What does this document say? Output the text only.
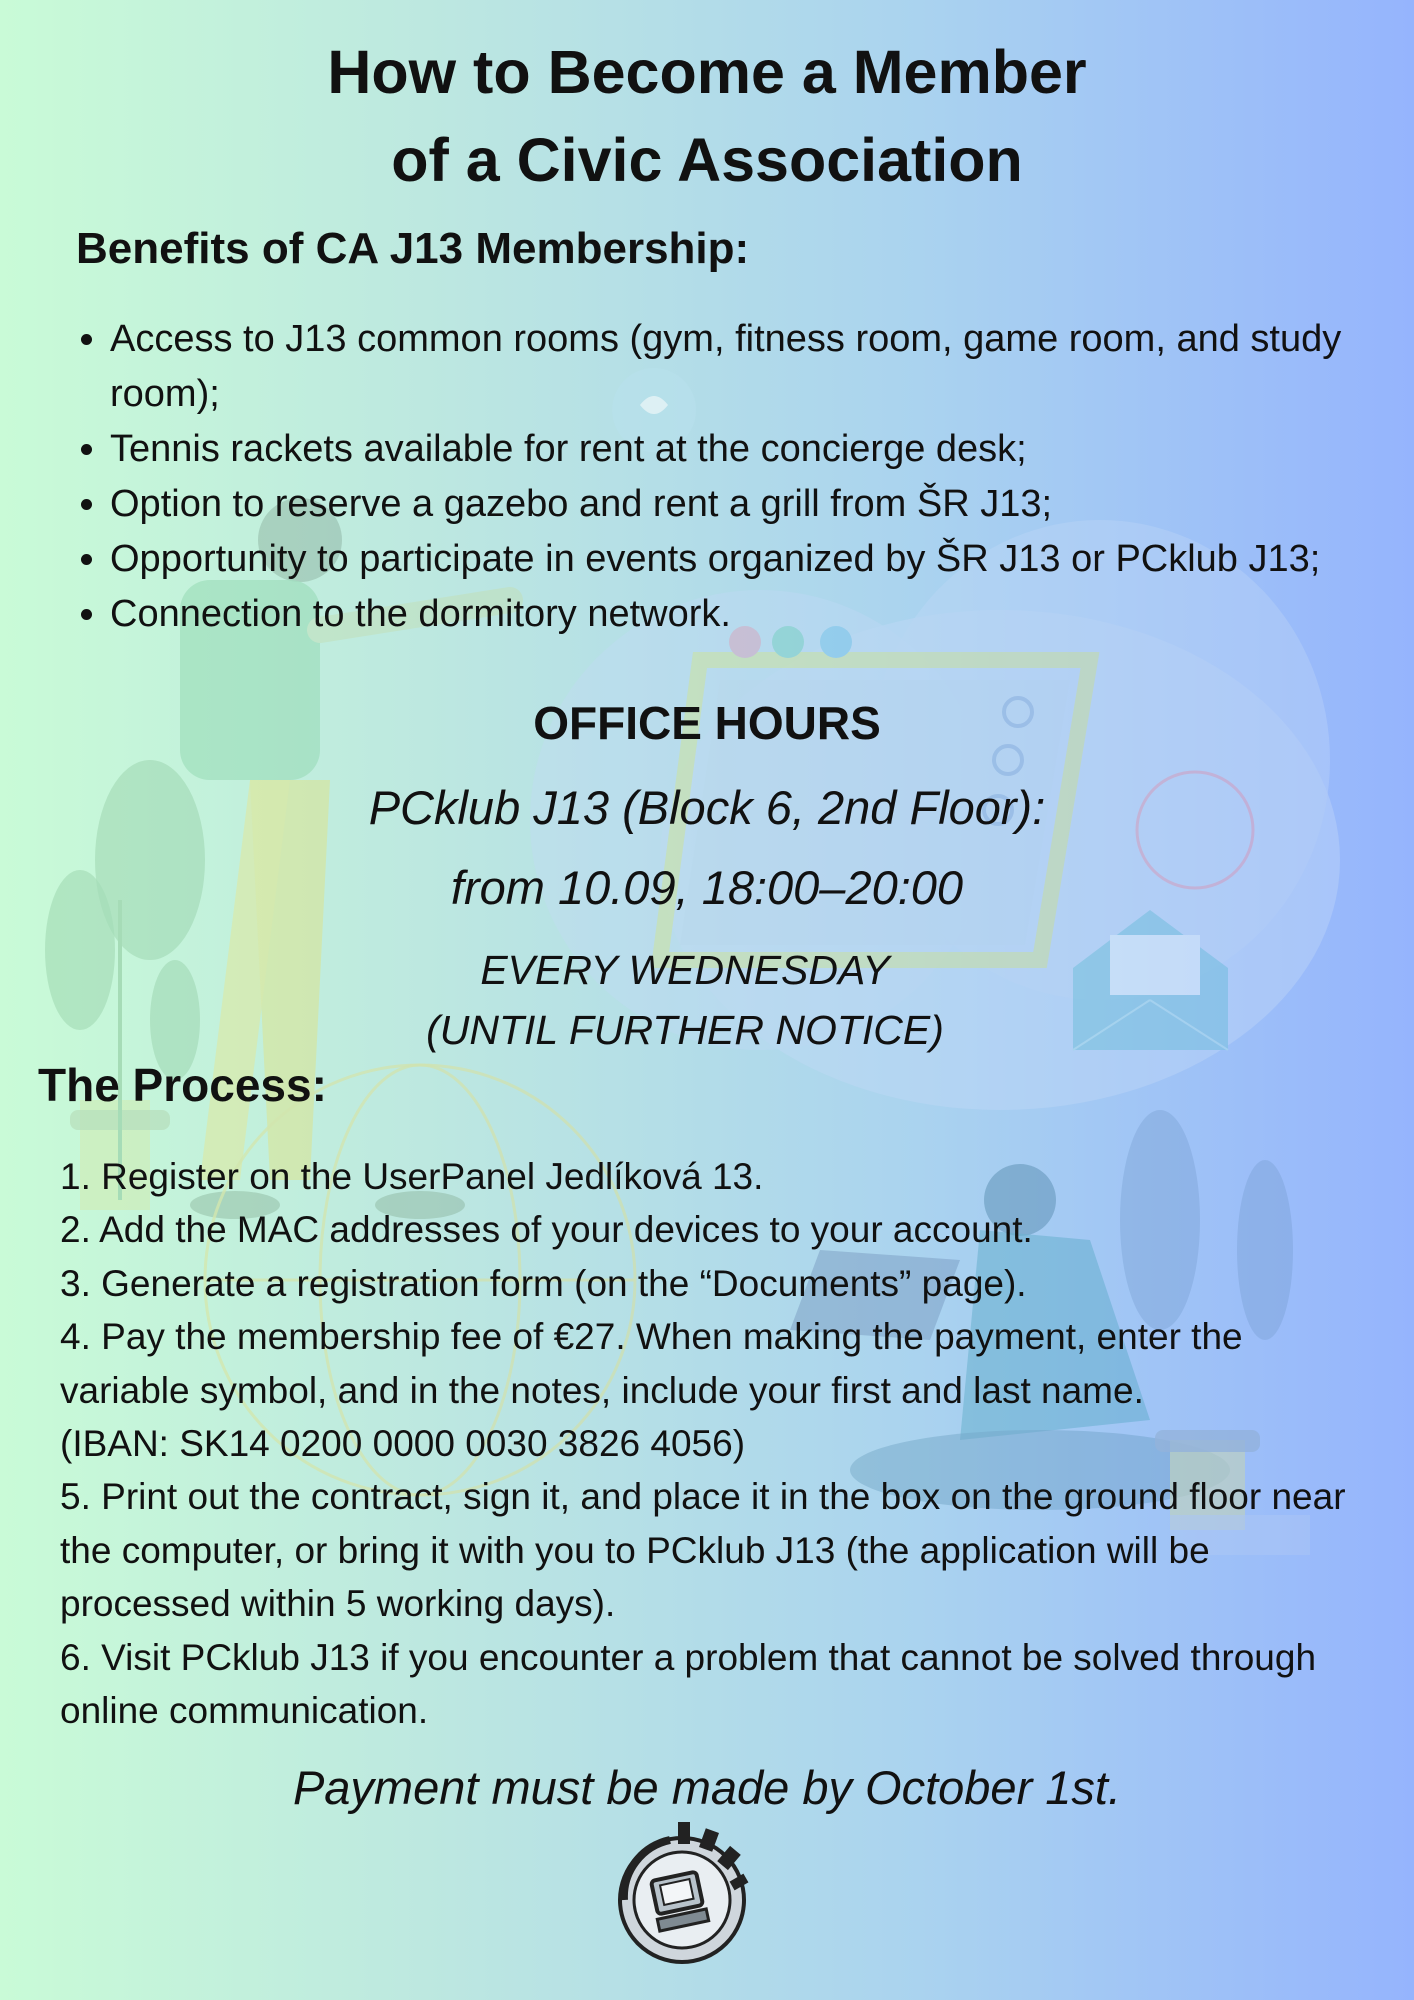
How to Become a Member
of a Civic Association
Benefits of CA J13 Membership:
• Access to J13 common rooms (gym, fitness room, game room, and study room);
• Tennis rackets available for rent at the concierge desk;
• Option to reserve a gazebo and rent a grill from ŠR J13;
• Opportunity to participate in events organized by ŠR J13 or PCklub J13;
• Connection to the dormitory network.
OFFICE HOURS
PCklub J13 (Block 6, 2nd Floor):
from 10.09, 18:00–20:00
EVERY WEDNESDAY
(UNTIL FURTHER NOTICE)
The Process:
1. Register on the UserPanel Jedlíková 13.
2. Add the MAC addresses of your devices to your account.
3. Generate a registration form (on the “Documents” page).
4. Pay the membership fee of €27. When making the payment, enter the variable symbol, and in the notes, include your first and last name.
(IBAN: SK14 0200 0000 0030 3826 4056)
5. Print out the contract, sign it, and place it in the box on the ground floor near the computer, or bring it with you to PCklub J13 (the application will be processed within 5 working days).
6. Visit PCklub J13 if you encounter a problem that cannot be solved through online communication.
Payment must be made by October 1st.
